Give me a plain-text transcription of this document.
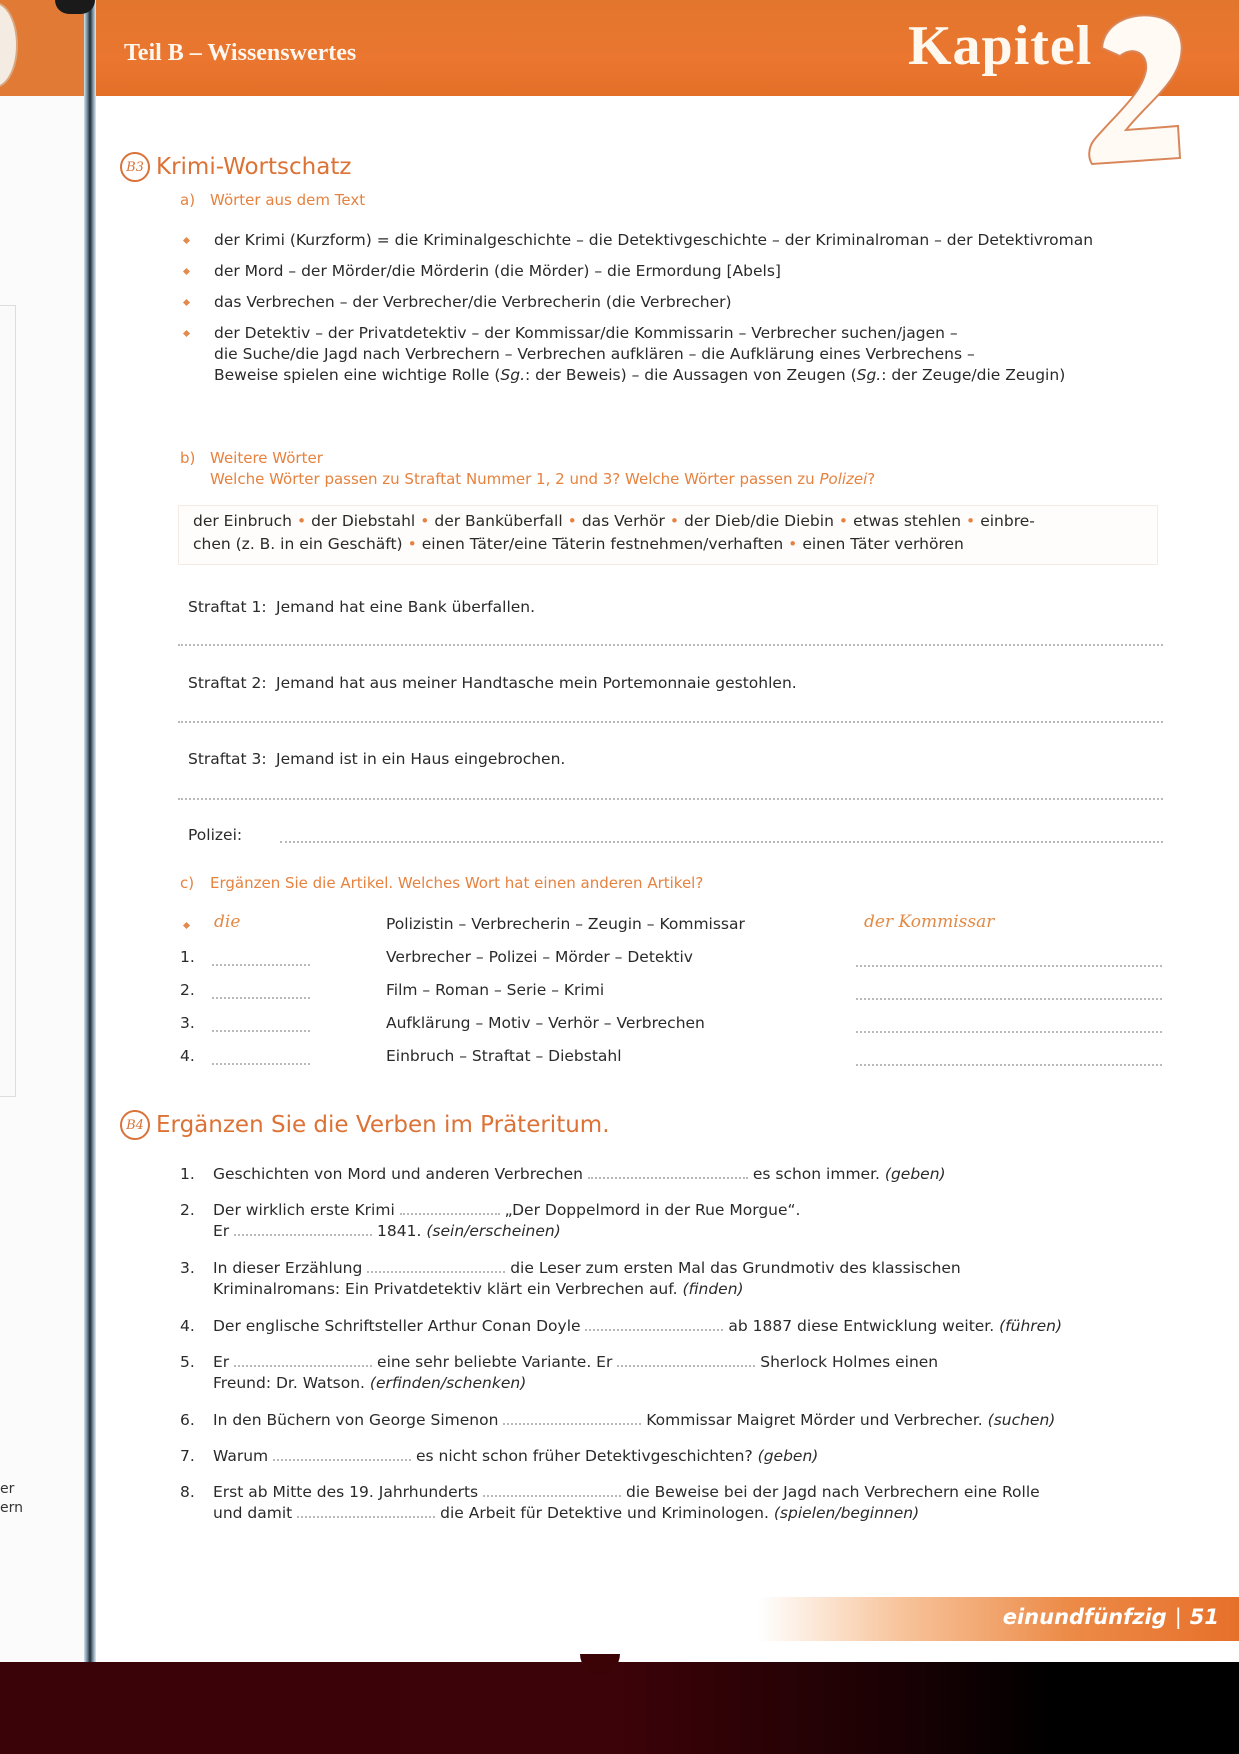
er
ern
Teil B – Wissenswertes	Kapitel
B3 Krimi-Wortschatz
a) Wörter aus dem Text
der Krimi (Kurzform) = die Kriminalgeschichte – die Detektivgeschichte – der Kriminalroman – der Detektivroman
der Mord – der Mörder/die Mörderin (die Mörder) – die Ermordung [Abels]
das Verbrechen – der Verbrecher/die Verbrecherin (die Verbrecher)
der Detektiv – der Privatdetektiv – der Kommissar/die Kommissarin – Verbrecher suchen/jagen –
die Suche/die Jagd nach Verbrechern – Verbrechen aufklären – die Aufklärung eines Verbrechens –
Beweise spielen eine wichtige Rolle (Sg.: der Beweis) – die Aussagen von Zeugen (Sg.: der Zeuge/die Zeugin)
b) Weitere Wörter
Welche Wörter passen zu Straftat Nummer 1, 2 und 3? Welche Wörter passen zu Polizei?
der Einbruch • der Diebstahl • der Banküberfall • das Verhör • der Dieb/die Diebin • etwas stehlen • einbre-
chen (z. B. in ein Geschäft) • einen Täter/eine Täterin festnehmen/verhaften • einen Täter verhören
Straftat 1: Jemand hat eine Bank überfallen.
Straftat 2: Jemand hat aus meiner Handtasche mein Portemonnaie gestohlen.
Straftat 3: Jemand ist in ein Haus eingebrochen.
Polizei:
c) Ergänzen Sie die Artikel. Welches Wort hat einen anderen Artikel?
die	Polizistin – Verbrecherin – Zeugin – Kommissar	der Kommissar
1.	Verbrecher – Polizei – Mörder – Detektiv
2.	Film – Roman – Serie – Krimi
3.	Aufklärung – Motiv – Verhör – Verbrechen
4.	Einbruch – Straftat – Diebstahl
B4 Ergänzen Sie die Verben im Präteritum.
1. Geschichten von Mord und anderen Verbrechen	es schon immer. (geben)
2. Der wirklich erste Krimi	„Der Doppelmord in der Rue Morgue“.
Er	1841. (sein/erscheinen)
3. In dieser Erzählung	die Leser zum ersten Mal das Grundmotiv des klassischen
Kriminalromans: Ein Privatdetektiv klärt ein Verbrechen auf. (finden)
4. Der englische Schriftsteller Arthur Conan Doyle	ab 1887 diese Entwicklung weiter. (führen)
5. Er	eine sehr beliebte Variante. Er	Sherlock Holmes einen
Freund: Dr. Watson. (erfinden/schenken)
6. In den Büchern von George Simenon	Kommissar Maigret Mörder und Verbrecher. (suchen)
7. Warum	es nicht schon früher Detektivgeschichten? (geben)
8. Erst ab Mitte des 19. Jahrhunderts	die Beweise bei der Jagd nach Verbrechern eine Rolle
und damit	die Arbeit für Detektive und Kriminologen. (spielen/beginnen)
einundfünfzig | 51
